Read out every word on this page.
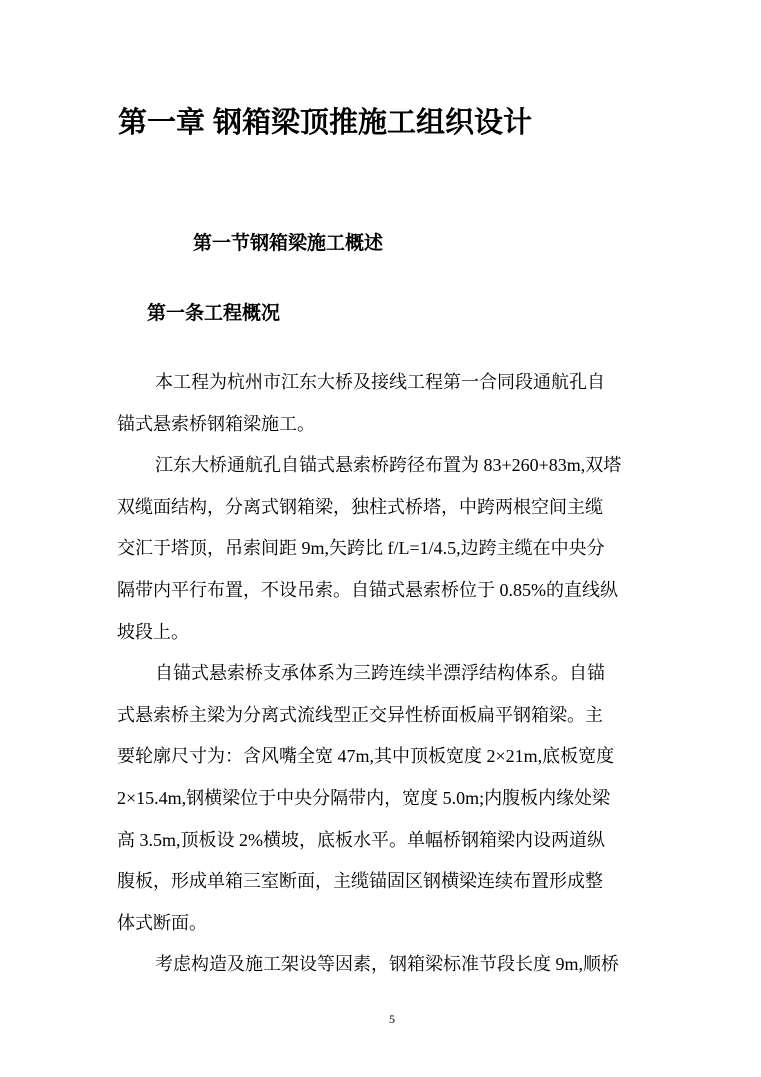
第一章 钢箱梁顶推施工组织设计
第一节钢箱梁施工概述
第一条工程概况
本工程为杭州市江东大桥及接线工程第一合同段通航孔自
锚式悬索桥钢箱梁施工。
江东大桥通航孔自锚式悬索桥跨径布置为 83+260+83m,双塔
双缆面结构，分离式钢箱梁，独柱式桥塔，中跨两根空间主缆
交汇于塔顶，吊索间距 9m,矢跨比 f/L=1/4.5,边跨主缆在中央分
隔带内平行布置，不设吊索。自锚式悬索桥位于 0.85%的直线纵
坡段上。
自锚式悬索桥支承体系为三跨连续半漂浮结构体系。自锚
式悬索桥主梁为分离式流线型正交异性桥面板扁平钢箱梁。主
要轮廓尺寸为：含风嘴全宽 47m,其中顶板宽度 2×21m,底板宽度
2×15.4m,钢横梁位于中央分隔带内，宽度 5.0m;内腹板内缘处梁
高 3.5m,顶板设 2%横坡，底板水平。单幅桥钢箱梁内设两道纵
腹板，形成单箱三室断面，主缆锚固区钢横梁连续布置形成整
体式断面。
考虑构造及施工架设等因素，钢箱梁标准节段长度 9m,顺桥
5
